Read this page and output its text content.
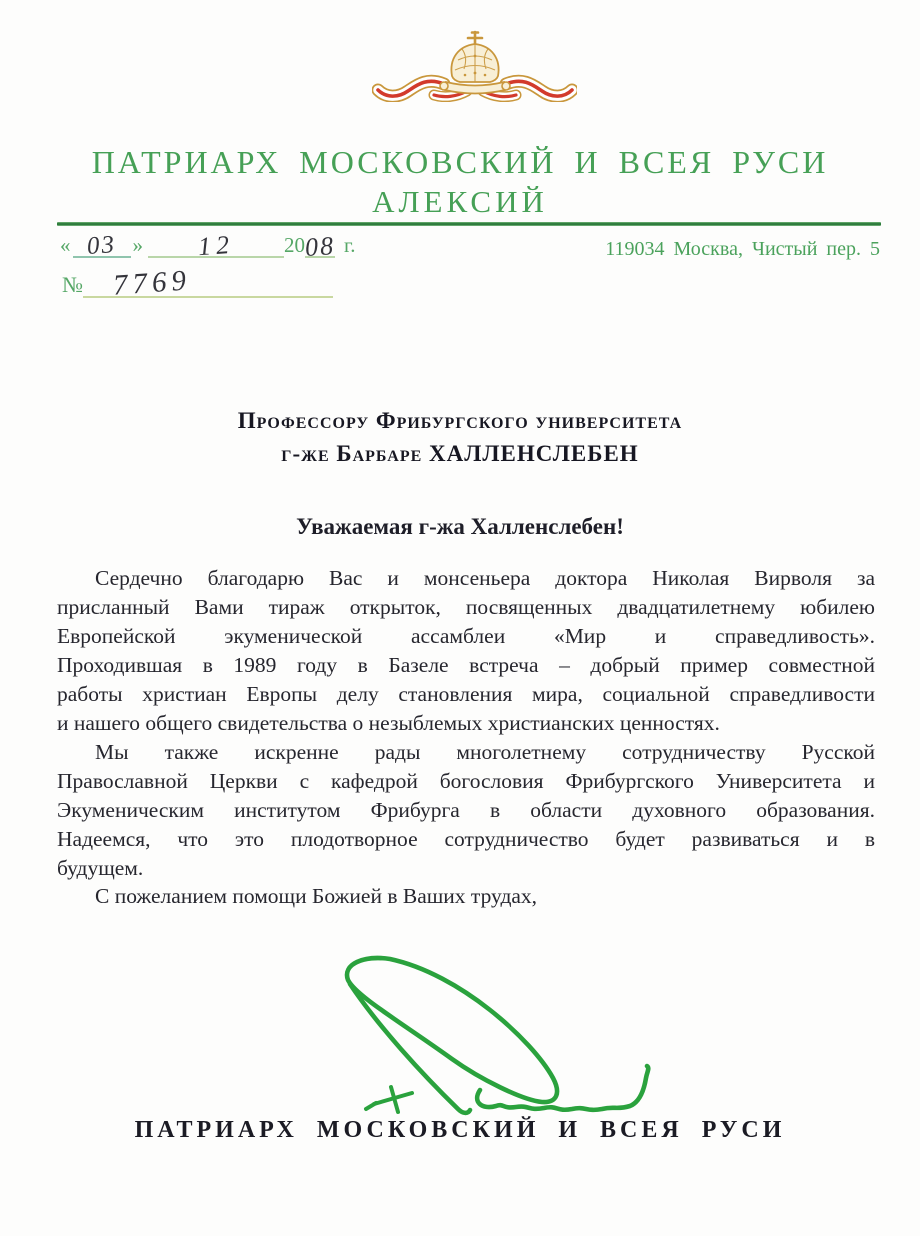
ПАТРИАРХ МОСКОВСКИЙ И ВСЕЯ РУСИ
АЛЕКСИЙ
« 03 »	12	20 08 г.	119034 Москва, Чистый пер. 5
№ 7769
Профессору Фрибургского университета
г-же Барбаре ХАЛЛЕНСЛЕБЕН
Уважаемая г-жа Халленслебен!
Сердечно благодарю Вас и монсеньера доктора Николая Вирволя за
присланный Вами тираж открыток, посвященных двадцатилетнему юбилею
Европейской экуменической ассамблеи «Мир и справедливость».
Проходившая в 1989 году в Базеле встреча – добрый пример совместной
работы христиан Европы делу становления мира, социальной справедливости
и нашего общего свидетельства о незыблемых христианских ценностях.
Мы также искренне рады многолетнему сотрудничеству Русской
Православной Церкви с кафедрой богословия Фрибургского Университета и
Экуменическим институтом Фрибурга в области духовного образования.
Надеемся, что это плодотворное сотрудничество будет развиваться и в
будущем.
С пожеланием помощи Божией в Ваших трудах,
ПАТРИАРХ МОСКОВСКИЙ И ВСЕЯ РУСИ
